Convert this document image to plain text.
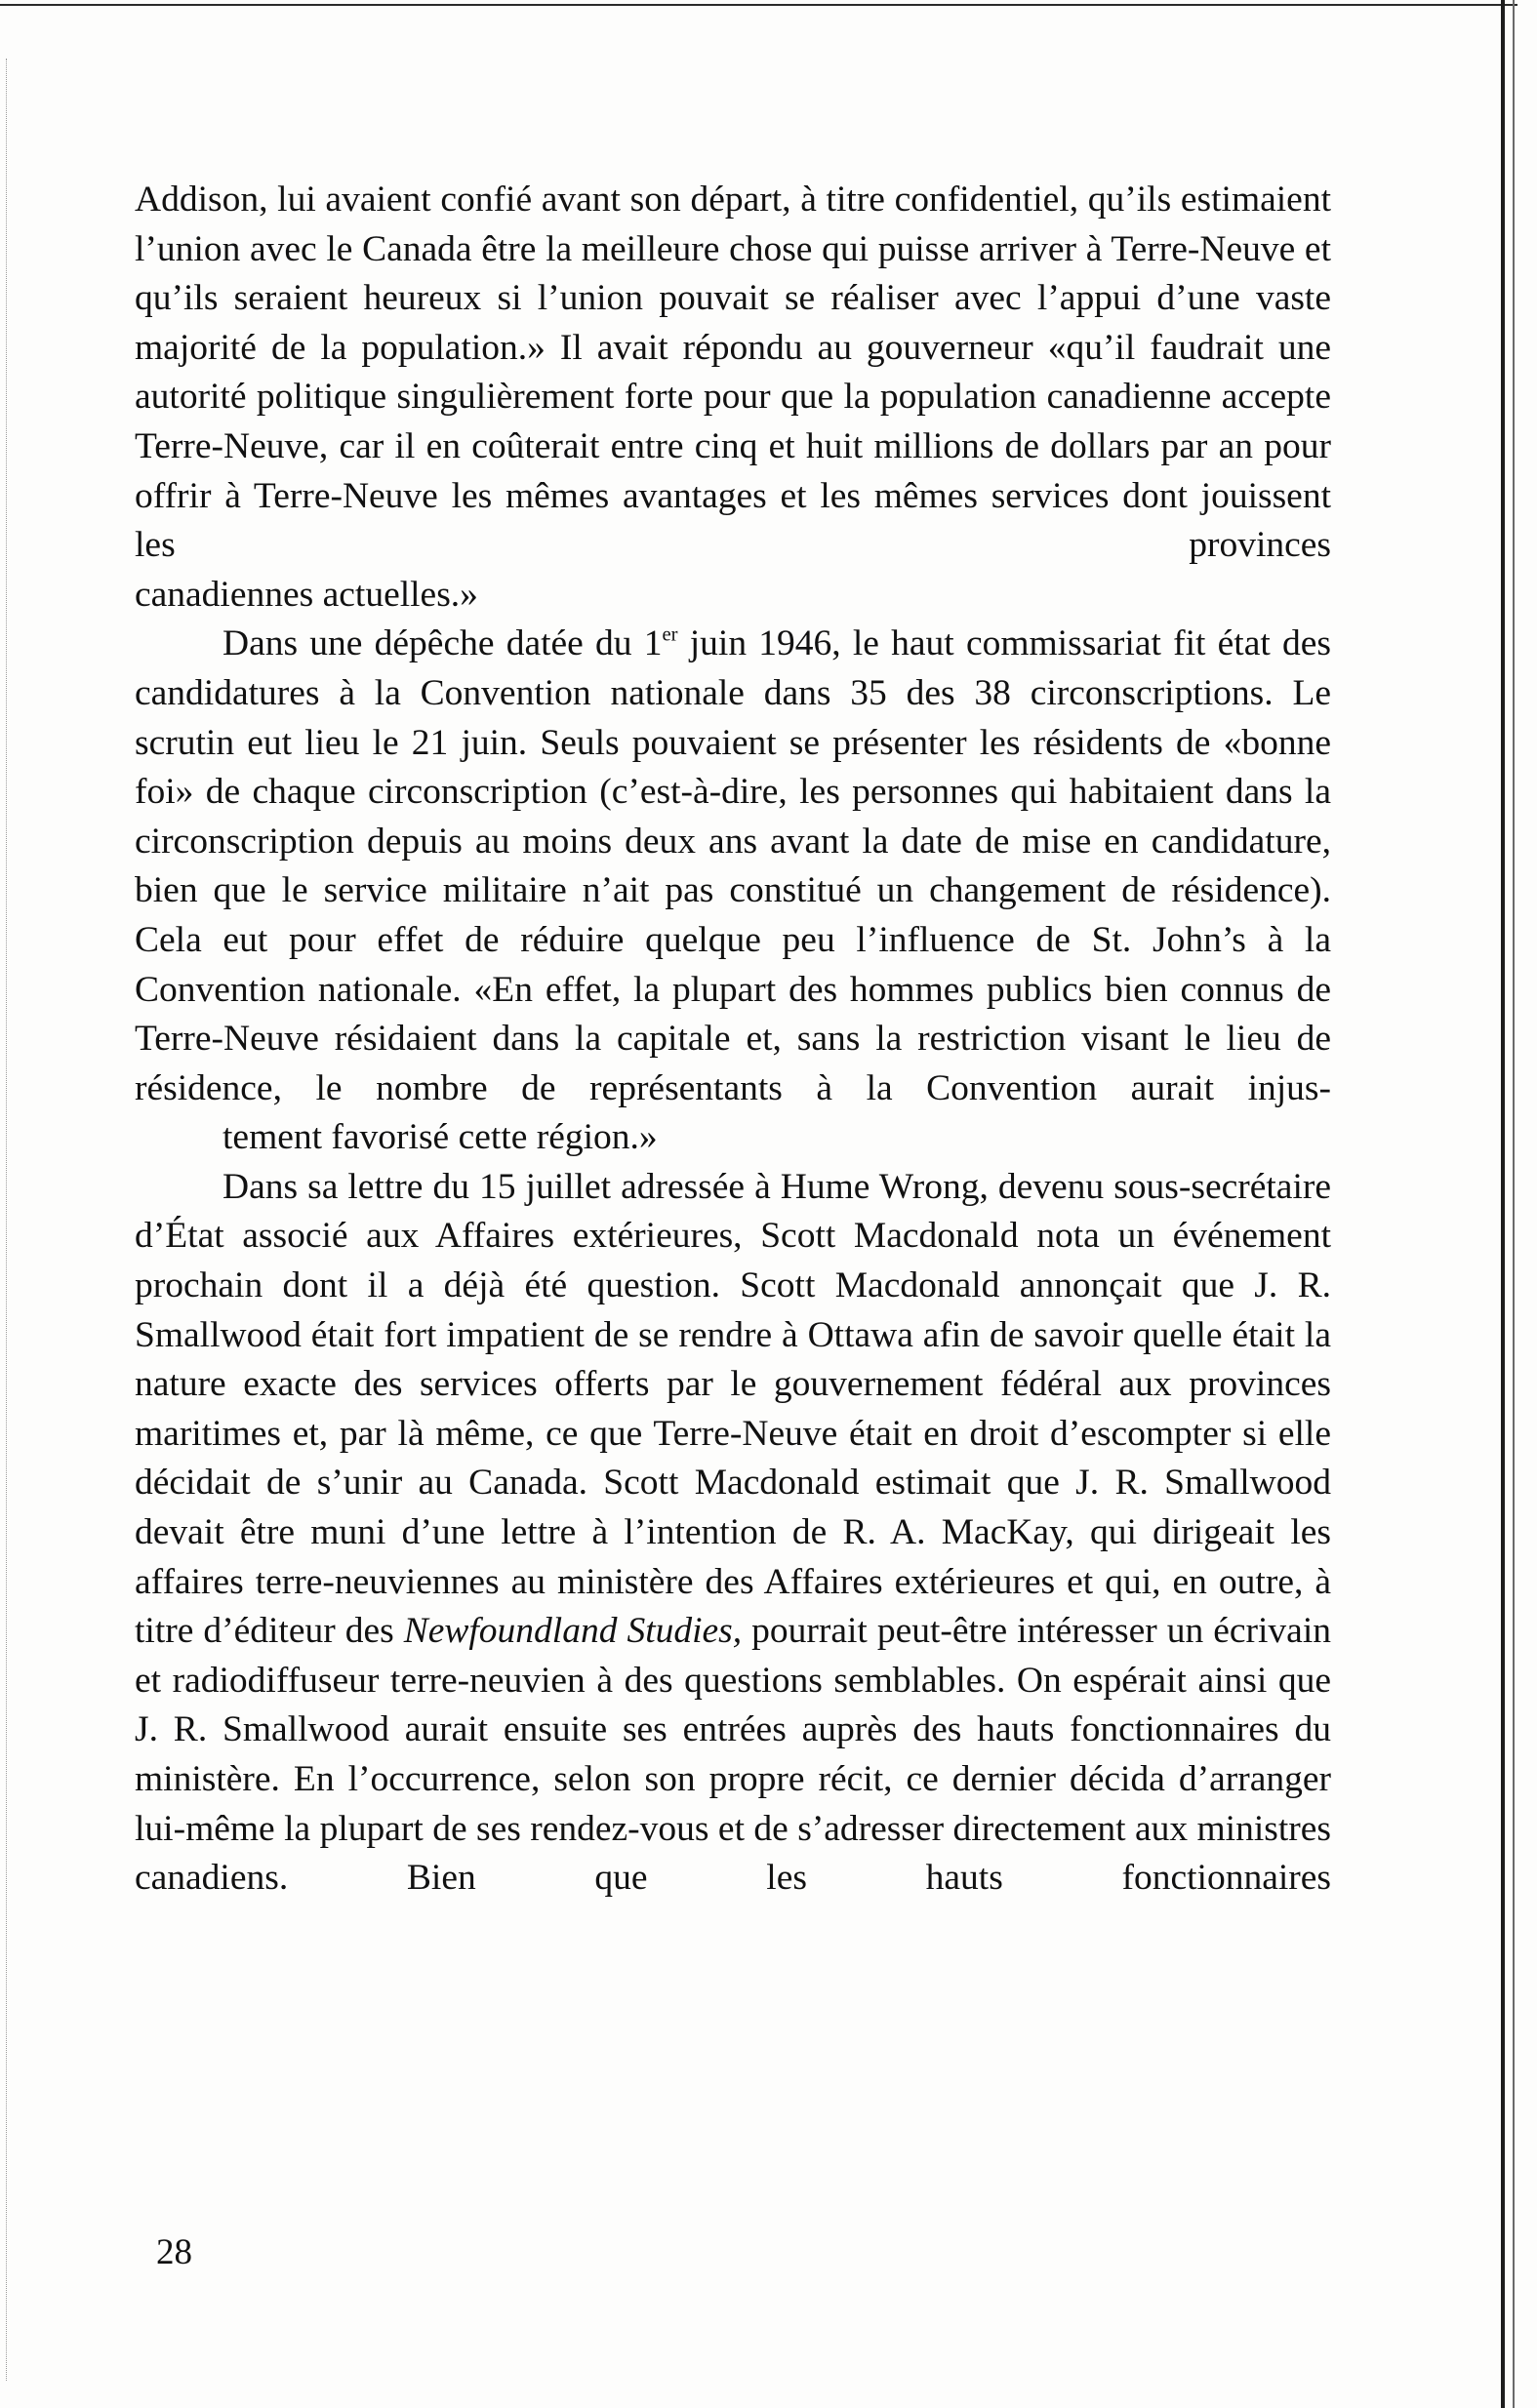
Addison, lui avaient confié avant son départ, à titre confidentiel, qu’ils estimaient l’union avec le Canada être la meilleure chose qui puisse arriver à Terre-Neuve et qu’ils seraient heureux si l’union pouvait se réaliser avec l’appui d’une vaste majorité de la population.» Il avait répondu au gouverneur «qu’il faudrait une autorité politique singulièrement forte pour que la population canadienne accepte Terre-Neuve, car il en coûterait entre cinq et huit millions de dollars par an pour offrir à Terre-Neuve les mêmes avantages et les mêmes services dont jouissent les provinces
canadiennes actuelles.»

Dans une dépêche datée du 1er juin 1946, le haut commissariat fit état des candidatures à la Convention nationale dans 35 des 38 circonscriptions. Le scrutin eut lieu le 21 juin. Seuls pouvaient se présenter les résidents de «bonne foi» de chaque circonscription (c’est-à-dire, les personnes qui habitaient dans la circonscription depuis au moins deux ans avant la date de mise en candidature, bien que le service militaire n’ait pas constitué un changement de résidence). Cela eut pour effet de réduire quelque peu l’influence de St. John’s à la Convention nationale. «En effet, la plupart des hommes publics bien connus de Terre-Neuve résidaient dans la capitale et, sans la restriction visant le lieu de résidence, le nombre de représentants à la Convention aurait injus-
tement favorisé cette région.»

Dans sa lettre du 15 juillet adressée à Hume Wrong, devenu sous-secrétaire d’État associé aux Affaires extérieures, Scott Macdonald nota un événement prochain dont il a déjà été question. Scott Macdonald annonçait que J. R. Smallwood était fort impatient de se rendre à Ottawa afin de savoir quelle était la nature exacte des services offerts par le gouvernement fédéral aux provinces maritimes et, par là même, ce que Terre-Neuve était en droit d’escompter si elle décidait de s’unir au Canada. Scott Macdonald estimait que J. R. Smallwood devait être muni d’une lettre à l’intention de R. A. MacKay, qui dirigeait les affaires terre-neuviennes au ministère des Affaires extérieures et qui, en outre, à titre d’éditeur des Newfoundland Studies, pourrait peut-être intéresser un écrivain et radiodiffuseur terre-neuvien à des questions semblables. On espérait ainsi que J. R. Smallwood aurait ensuite ses entrées auprès des hauts fonctionnaires du ministère. En l’occurrence, selon son propre récit, ce dernier décida d’arranger lui-même la plupart de ses rendez-vous et de s’adresser directement aux ministres canadiens. Bien que les hauts fonctionnaires

28
